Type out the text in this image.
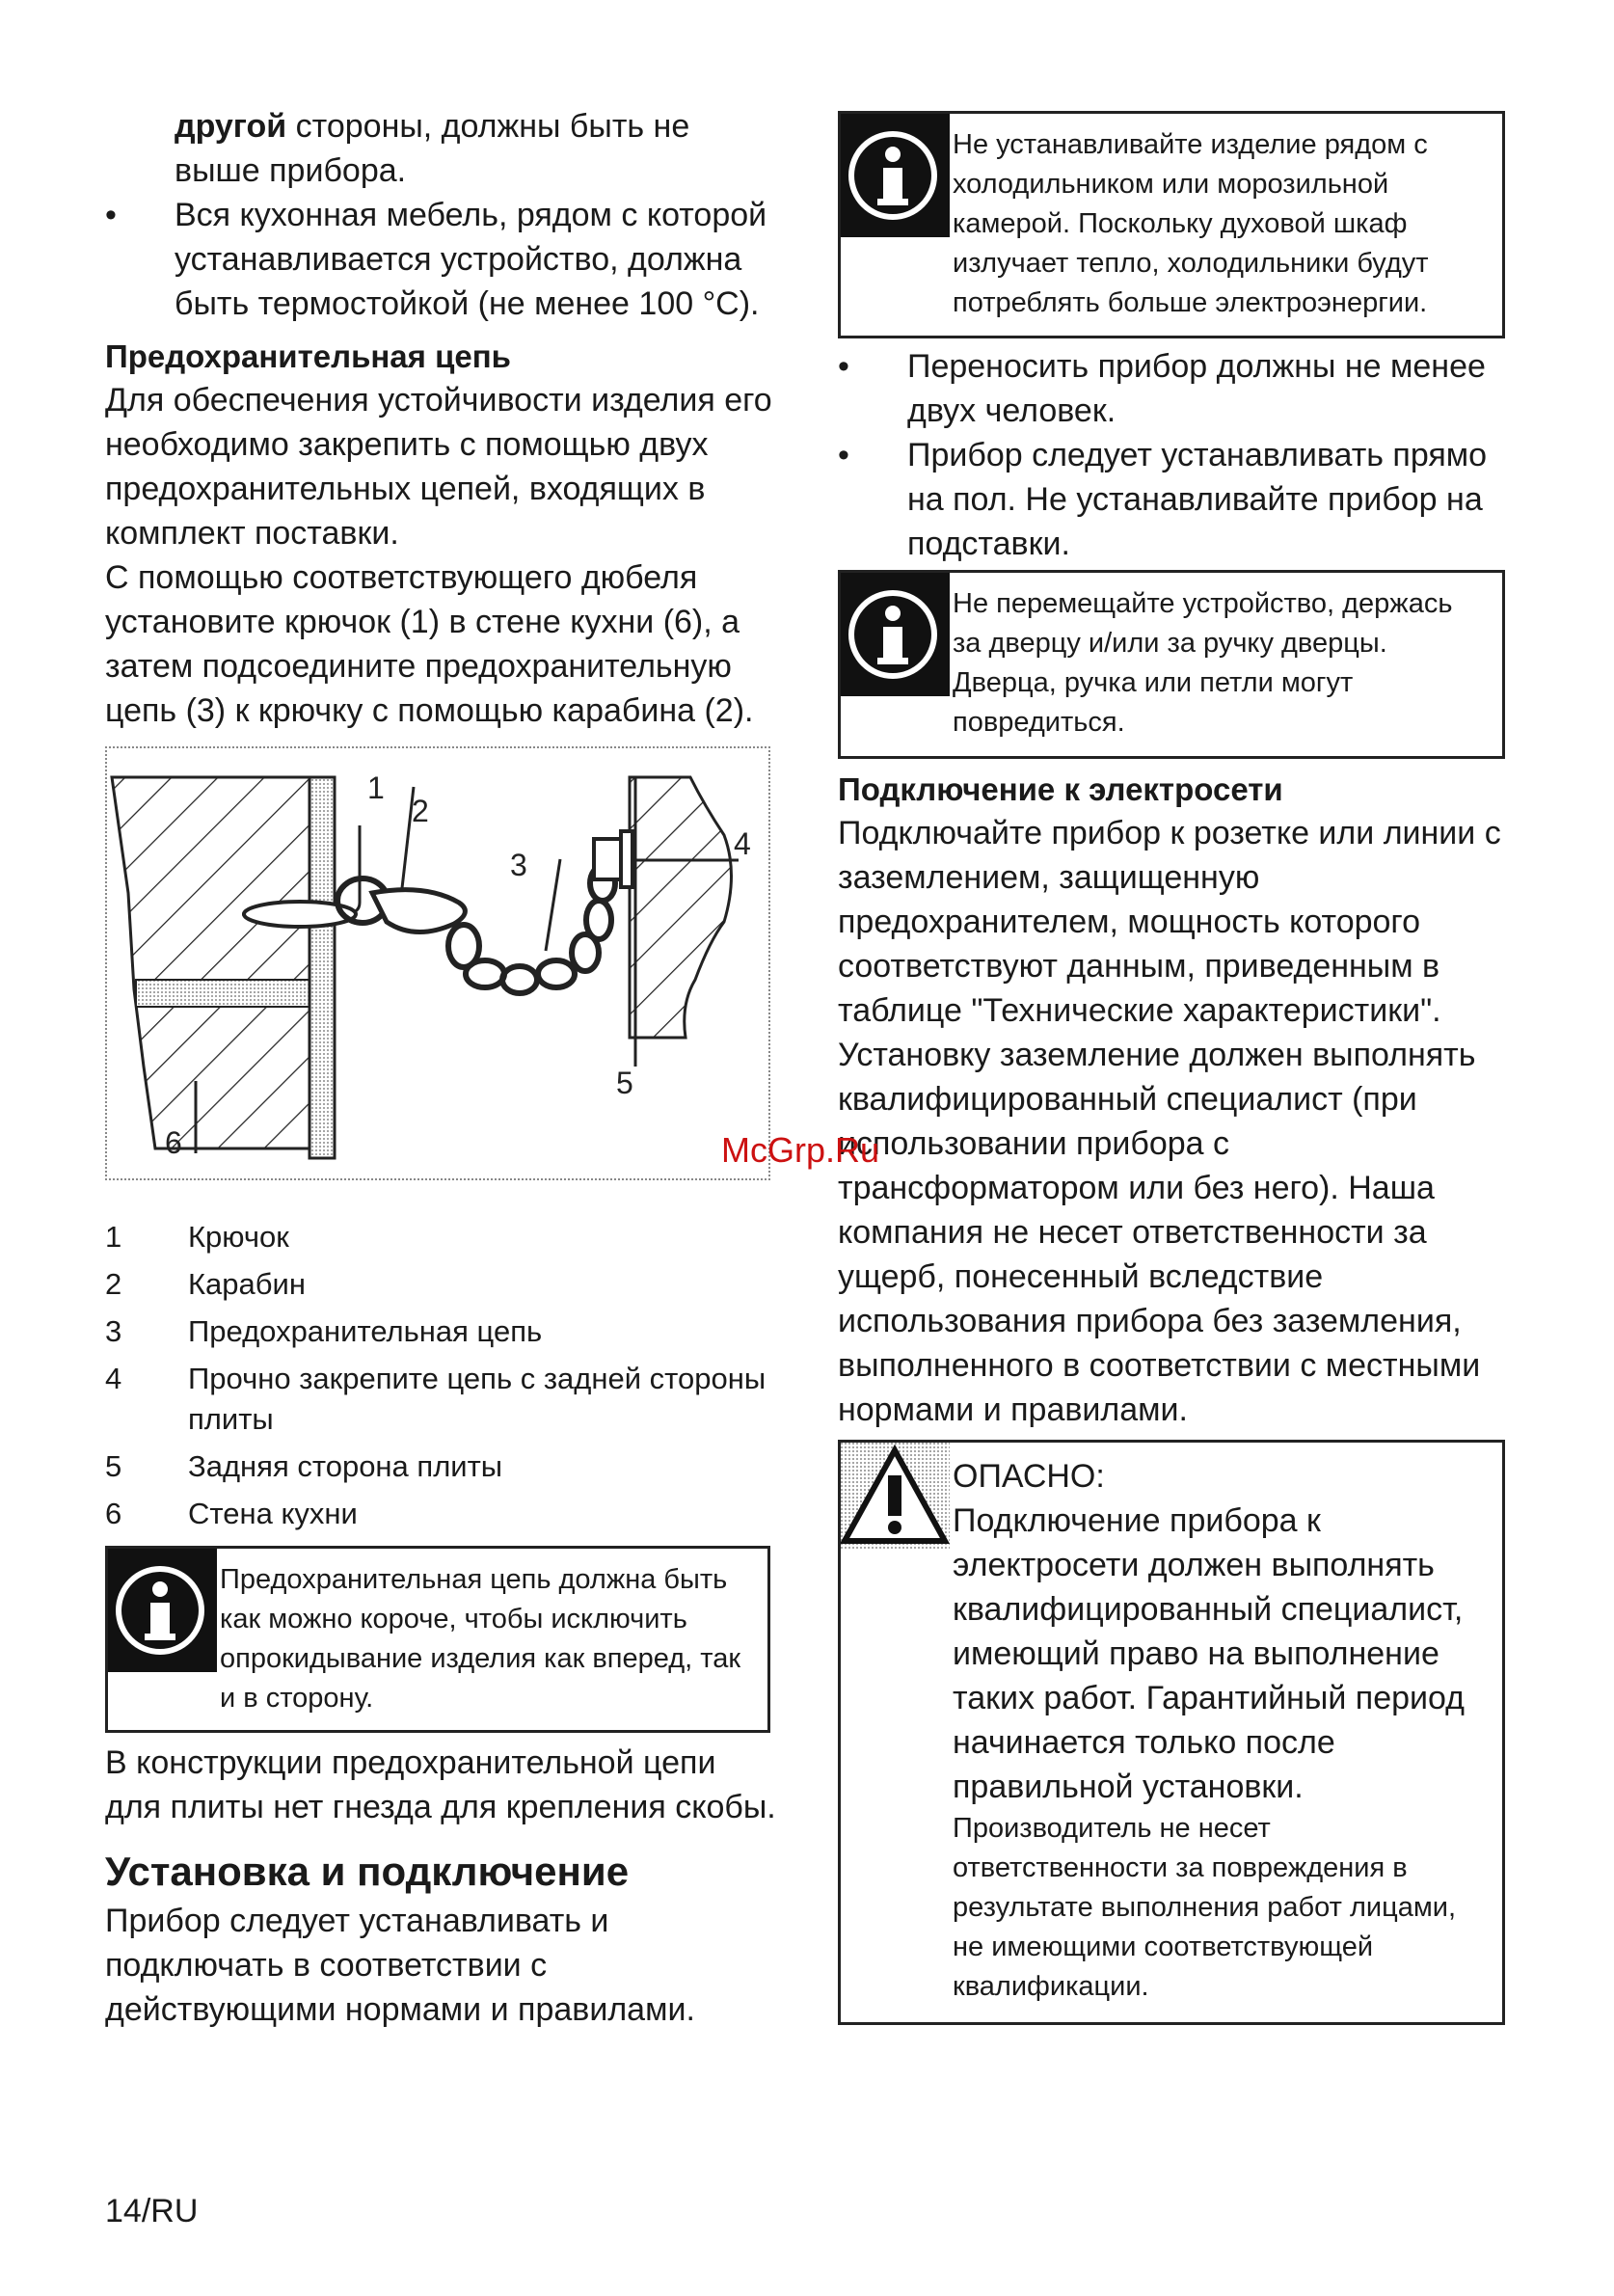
другой стороны, должны быть не выше прибора.

• Вся кухонная мебель, рядом с которой устанавливается устройство, должна быть термостойкой (не менее 100 °C).
Предохранительная цепь

Для обеспечения устойчивости изделия его необходимо закрепить с помощью двух предохранительных цепей, входящих в комплект поставки.

С помощью соответствующего дюбеля установите крючок (1) в стене кухни (6), а затем подсоедините предохранительную цепь (3) к крючку с помощью карабина (2).

1
2
3
4
5
6
1	Крючок
2	Карабин
3	Предохранительная цепь
4	Прочно закрепите цепь с задней стороны плиты
5	Задняя сторона плиты
6	Стена кухни
Предохранительная цепь должна быть как можно короче, чтобы исключить опрокидывание изделия как вперед, так и в сторону.

В конструкции предохранительной цепи для плиты нет гнезда для крепления скобы.

Установка и подключение

Прибор следует устанавливать и подключать в соответствии с действующими нормами и правилами.

Не устанавливайте изделие рядом с холодильником или морозильной камерой. Поскольку духовой шкаф излучает тепло, холодильники будут потреблять больше электроэнергии.
• Переносить прибор должны не менее двух человек.
• Прибор следует устанавливать прямо на пол. Не устанавливайте прибор на подставки.
Не перемещайте устройство, держась за дверцу и/или за ручку дверцы. Дверца, ручка или петли могут повредиться.
Подключение к электросети

Подключайте прибор к розетке или линии с заземлением, защищенную предохранителем, мощность которого соответствуют данным, приведенным в таблице "Технические характеристики". Установку заземление должен выполнять квалифицированный специалист (при использовании прибора с трансформатором или без него). Наша компания не несет ответственности за ущерб, понесенный вследствие использования прибора без заземления, выполненного в соответствии с местными нормами и правилами.

ОПАСНО:
Подключение прибора к электросети должен выполнять квалифицированный специалист, имеющий право на выполнение таких работ. Гарантийный период начинается только после правильной установки.
Производитель не несет ответственности за повреждения в результате выполнения работ лицами, не имеющими соответствующей квалификации.
McGrp.Ru
14/RU
